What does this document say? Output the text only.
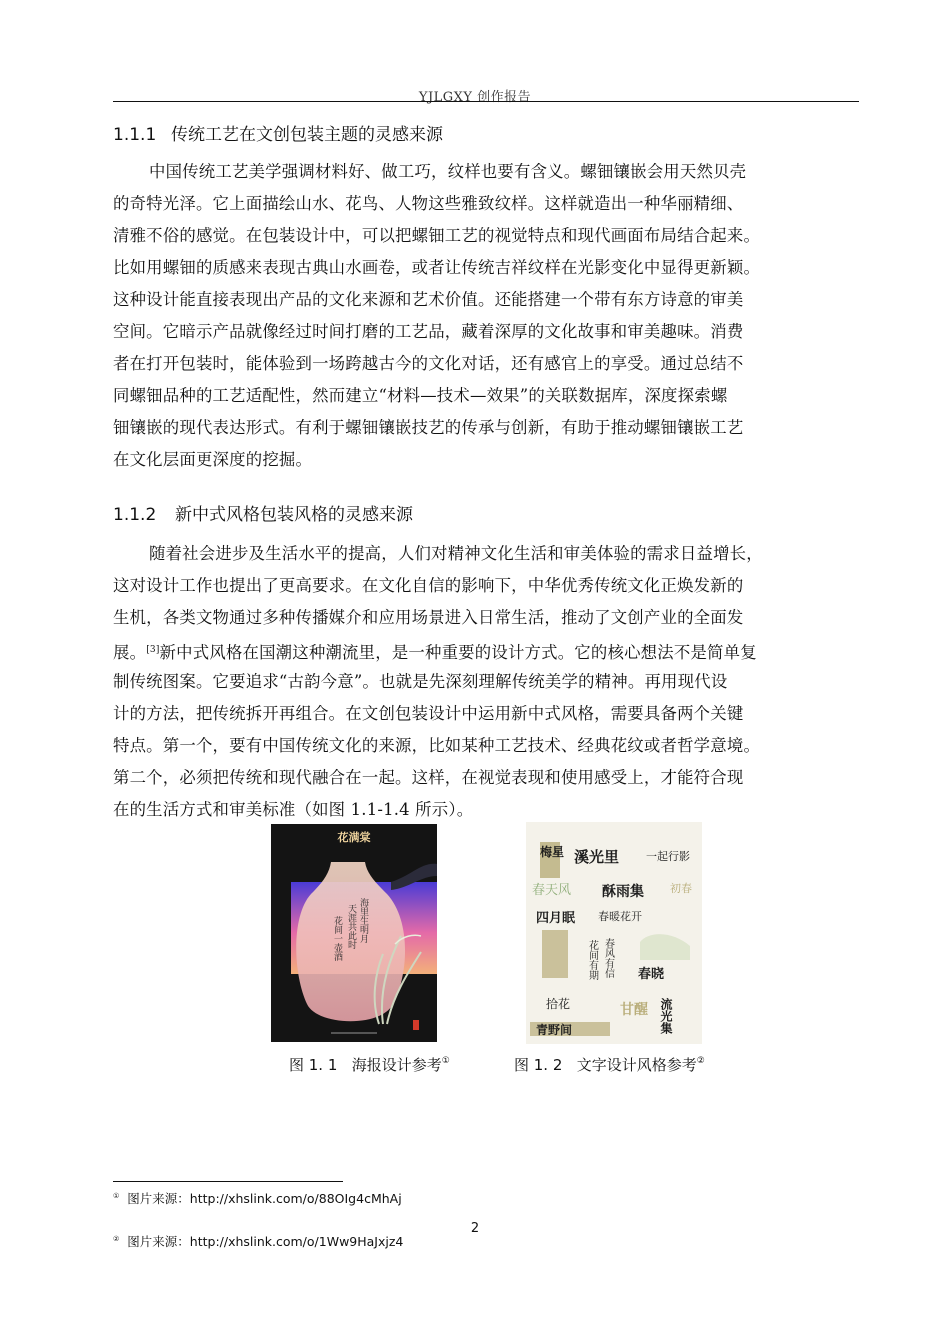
YJLGXY 创作报告
1.1.1 传统工艺在文创包装主题的灵感来源
中国传统工艺美学强调材料好、做工巧，纹样也要有含义。螺钿镶嵌会用天然贝壳
的奇特光泽。它上面描绘山水、花鸟、人物这些雅致纹样。这样就造出一种华丽精细、
清雅不俗的感觉。在包装设计中，可以把螺钿工艺的视觉特点和现代画面布局结合起来。
比如用螺钿的质感来表现古典山水画卷，或者让传统吉祥纹样在光影变化中显得更新颖。
这种设计能直接表现出产品的文化来源和艺术价值。还能搭建一个带有东方诗意的审美
空间。它暗示产品就像经过时间打磨的工艺品，藏着深厚的文化故事和审美趣味。消费
者在打开包装时，能体验到一场跨越古今的文化对话，还有感官上的享受。通过总结不
同螺钿品种的工艺适配性，然而建立“材料—技术—效果”的关联数据库，深度探索螺
钿镶嵌的现代表达形式。有利于螺钿镶嵌技艺的传承与创新，有助于推动螺钿镶嵌工艺
在文化层面更深度的挖掘。
1.1.2 新中式风格包装风格的灵感来源
随着社会进步及生活水平的提高，人们对精神文化生活和审美体验的需求日益增长，
这对设计工作也提出了更高要求。在文化自信的影响下，中华优秀传统文化正焕发新的
生机，各类文物通过多种传播媒介和应用场景进入日常生活，推动了文创产业的全面发
展。[3]新中式风格在国潮这种潮流里，是一种重要的设计方式。它的核心想法不是简单复
制传统图案。它要追求“古韵今意”。也就是先深刻理解传统美学的精神。再用现代设
计的方法，把传统拆开再组合。在文创包装设计中运用新中式风格，需要具备两个关键
特点。第一个，要有中国传统文化的来源，比如某种工艺技术、经典花纹或者哲学意境。
第二个，必须把传统和现代融合在一起。这样，在视觉表现和使用感受上，才能符合现
在的生活方式和审美标准（如图 1.1-1.4 所示）。
花满棠
海里生明月
天涯共此时
花间一壶酒
梅星 溪光里 一起行影
春天风 酥雨集 初春
四月眠 春暖花开
花间有期 春风有信 春晓
拾花	甘醒 流光集
青野间
图 1. 1 海报设计参考①	图 1. 2 文字设计风格参考②
① 图片来源：http://xhslink.com/o/88OIg4cMhAj
② 图片来源：http://xhslink.com/o/1Ww9HaJxjz4
2
